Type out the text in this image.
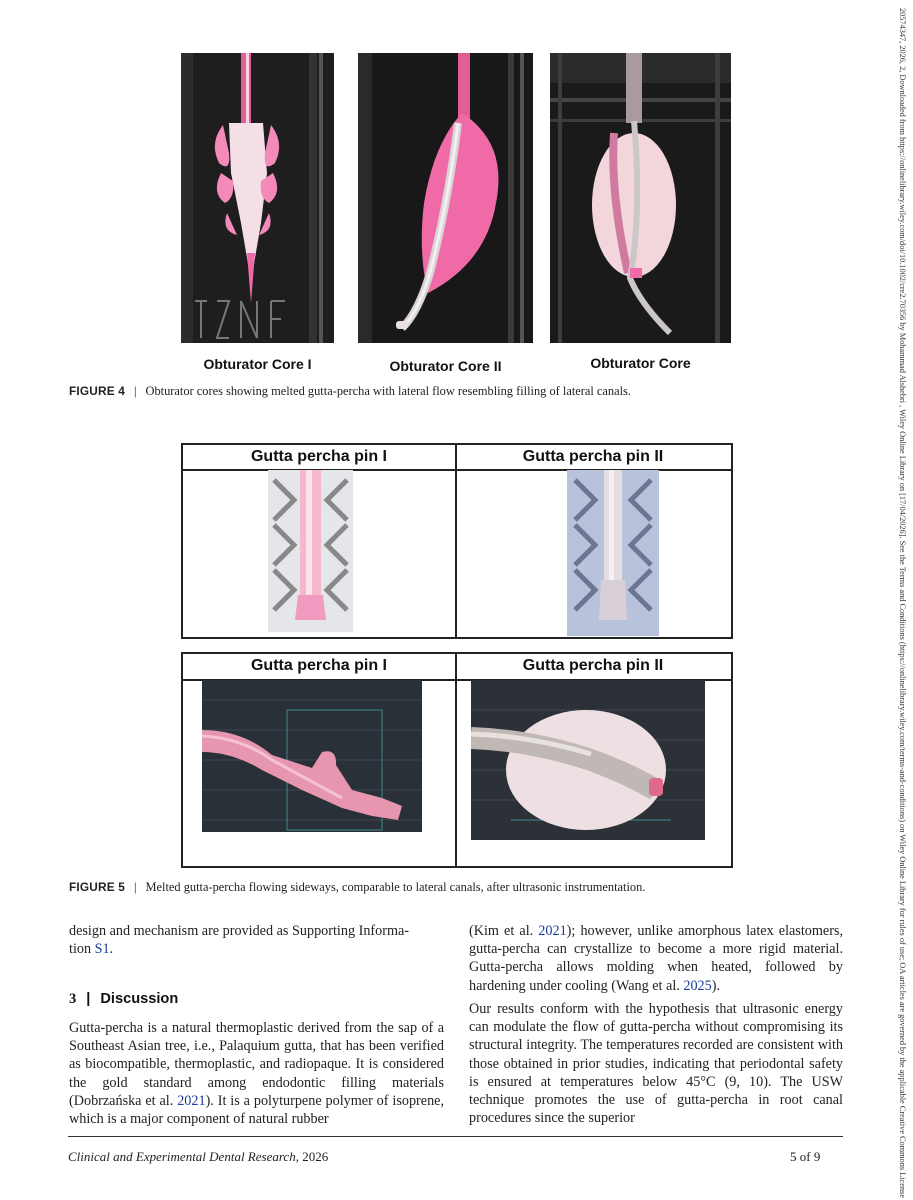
20574347, 2026, 2, Downloaded from https://onlinelibrary.wiley.com/doi/10.1002/cre2.70356 by Mohammad Alshebri , Wiley Online Library on [17/04/2026]. See the Terms and Conditions (https://onlinelibrary.wiley.com/terms-and-conditions) on Wiley Online Library for rules of use; OA articles are governed by the applicable Creative Commons License
Obturator Core I	Obturator Core II	Obturator Core
FIGURE 4 | Obturator cores showing melted gutta-percha with lateral flow resembling filling of lateral canals.
Gutta percha pin I	Gutta percha pin II
Gutta percha pin I	Gutta percha pin II
FIGURE 5 | Melted gutta-percha flowing sideways, comparable to lateral canals, after ultrasonic instrumentation.
design and mechanism are provided as Supporting Informa-
tion S1.
3 | Discussion
Gutta-percha is a natural thermoplastic derived from the sap of a Southeast Asian tree, i.e., Palaquium gutta, that has been verified as biocompatible, thermoplastic, and radiopaque. It is considered the gold standard among endodontic filling materials (Dobrzańska et al. 2021). It is a polyturpene polymer of isoprene, which is a major component of natural rubber
(Kim et al. 2021); however, unlike amorphous latex elastomers, gutta-percha can crystallize to become a more rigid material. Gutta-percha allows molding when heated, followed by hardening under cooling (Wang et al. 2025).
Our results conform with the hypothesis that ultrasonic energy can modulate the flow of gutta-percha without compromising its structural integrity. The temperatures recorded are consistent with those obtained in prior studies, indicating that periodontal safety is ensured at temperatures below 45°C (9, 10). The USW technique promotes the use of gutta-percha in root canal procedures since the superior
Clinical and Experimental Dental Research, 2026	5 of 9
